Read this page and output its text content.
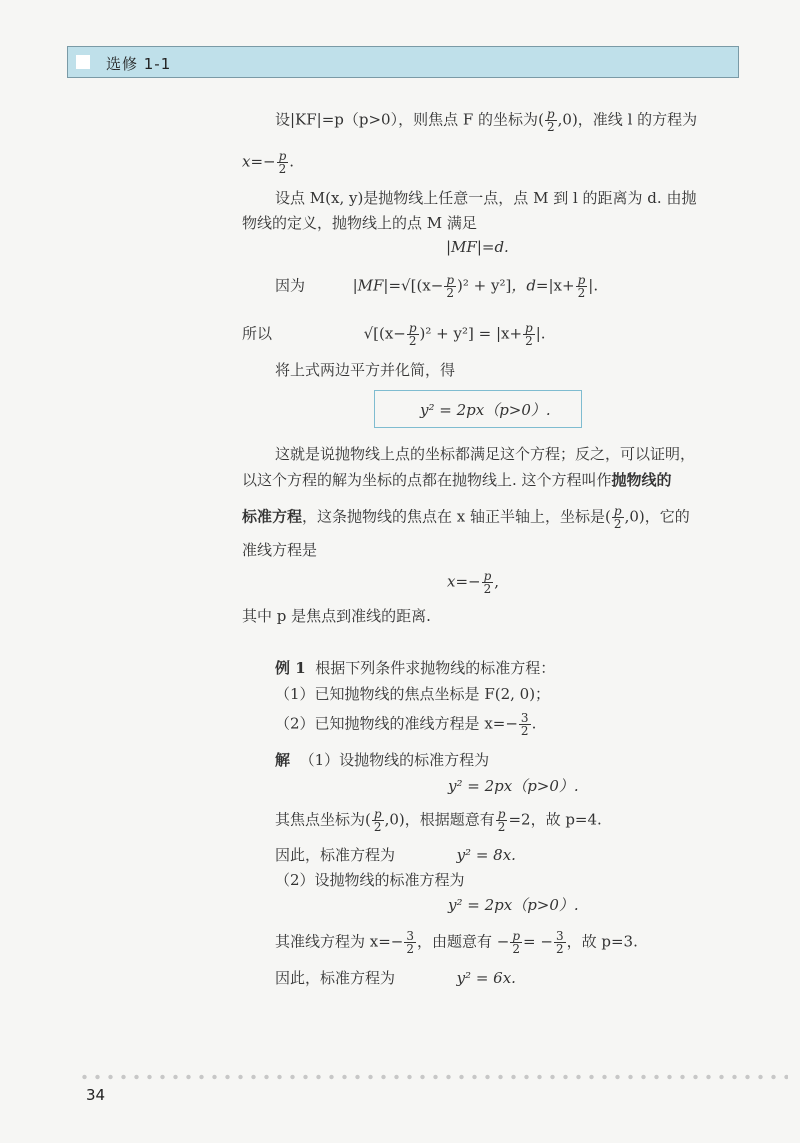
选修 1-1
设|KF|=p（p>0），则焦点 F 的坐标为( $\frac{p}{2} ,0$)，准线 l 的方程为
$x=- \frac{p}{2}$ .
设点 M(x, y)是抛物线上任意一点，点 M 到 l 的距离为 d. 由抛
物线的定义，抛物线上的点 M 满足
|MF|=d.
因为	$|MF|=√[(x- \frac{p}{2} )^2 + y^2]$，$d=|x+ \frac{p}{2}$ |.
所以	$√[(x- \frac{p}{2} )^2 + y^2] = |x+ \frac{p}{2}$ |.
将上式两边平方并化简，得
y² = 2px（p>0）.
这就是说抛物线上点的坐标都满足这个方程；反之，可以证明，
以这个方程的解为坐标的点都在抛物线上. 这个方程叫作抛物线的
标准方程，这条抛物线的焦点在 x 轴正半轴上，坐标是( $\frac{p}{2} ,0$)，它的
准线方程是
$x=- \frac{p}{2}$ ,
其中 p 是焦点到准线的距离.
例 1 根据下列条件求抛物线的标准方程：
（1）已知抛物线的焦点坐标是 F(2, 0)；
（2）已知抛物线的准线方程是 $x=- \frac{3}{2}$ .
解 （1）设抛物线的标准方程为
y² = 2px（p>0）.
其焦点坐标为( $\frac{p}{2} ,0$)，根据题意有 $\frac{p}{2} =2$，故 p=4.
因此，标准方程为	y² = 8x.
（2）设抛物线的标准方程为
y² = 2px（p>0）.
其准线方程为 $x=- \frac{3}{2}$ ，由题意有 − $\frac{p}{2}$ = − $\frac{3}{2}$ ，故 p=3.
因此，标准方程为	y² = 6x.
34
